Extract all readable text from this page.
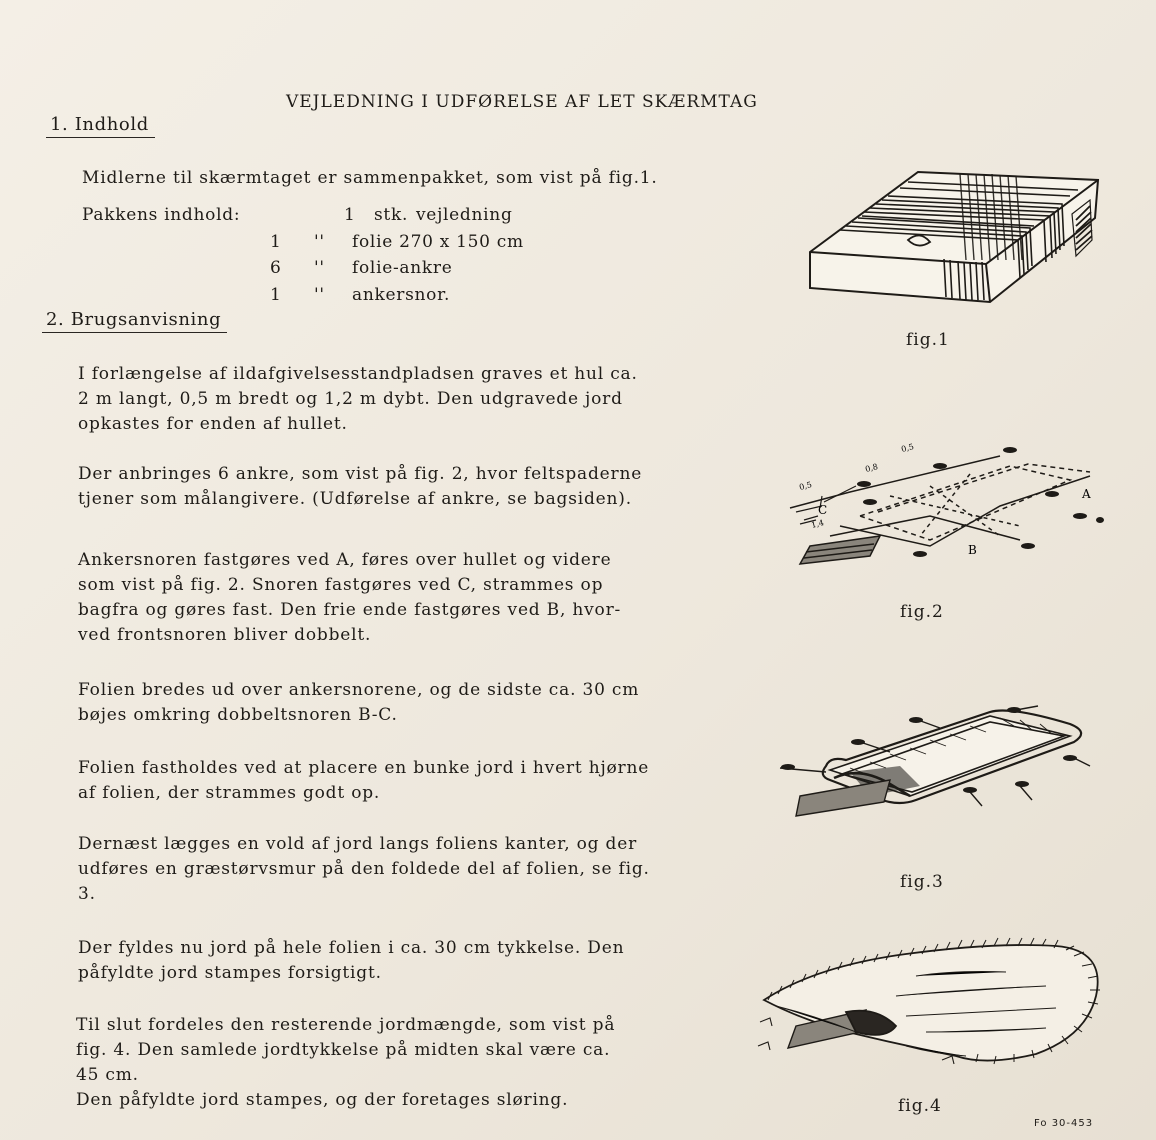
VEJLEDNING I UDFØRELSE AF LET SKÆRMTAG
1. Indhold

Midlerne til skærmtaget er sammenpakket, som vist på fig.1.

Pakkens indhold:	1	stk. vejledning
1	''	folie 270 x 150 cm
6	''	folie-ankre
1	''	ankersnor.
2. Brugsanvisning

I forlængelse af ildafgivelsesstandpladsen graves et hul ca.

2 m langt, 0,5 m bredt og 1,2 m dybt. Den udgravede jord

opkastes for enden af hullet.

Der anbringes 6 ankre, som vist på fig. 2, hvor feltspaderne

tjener som målangivere. (Udførelse af ankre, se bagsiden).

Ankersnoren fastgøres ved A, føres over hullet og videre

som vist på fig. 2. Snoren fastgøres ved C, strammes op

bagfra og gøres fast. Den frie ende fastgøres ved B, hvor-

ved frontsnoren bliver dobbelt.

Folien bredes ud over ankersnorene, og de sidste ca. 30 cm

bøjes omkring dobbeltsnoren B-C.

Folien fastholdes ved at placere en bunke jord i hvert hjørne

af folien, der strammes godt op.

Dernæst lægges en vold af jord langs foliens kanter, og der

udføres en græstørvsmur på den foldede del af folien, se fig.

3.

Der fyldes nu jord på hele folien i ca. 30 cm tykkelse. Den

påfyldte jord stampes forsigtigt.

Til slut fordeles den resterende jordmængde, som vist på

fig. 4. Den samlede jordtykkelse på midten skal være ca.

45 cm.

Den påfyldte jord stampes, og der foretages sløring.

fig.1
C
A
B
0,5
0,8
0,5
1,4
fig.2
fig.3
fig.4
Fo 30-453
